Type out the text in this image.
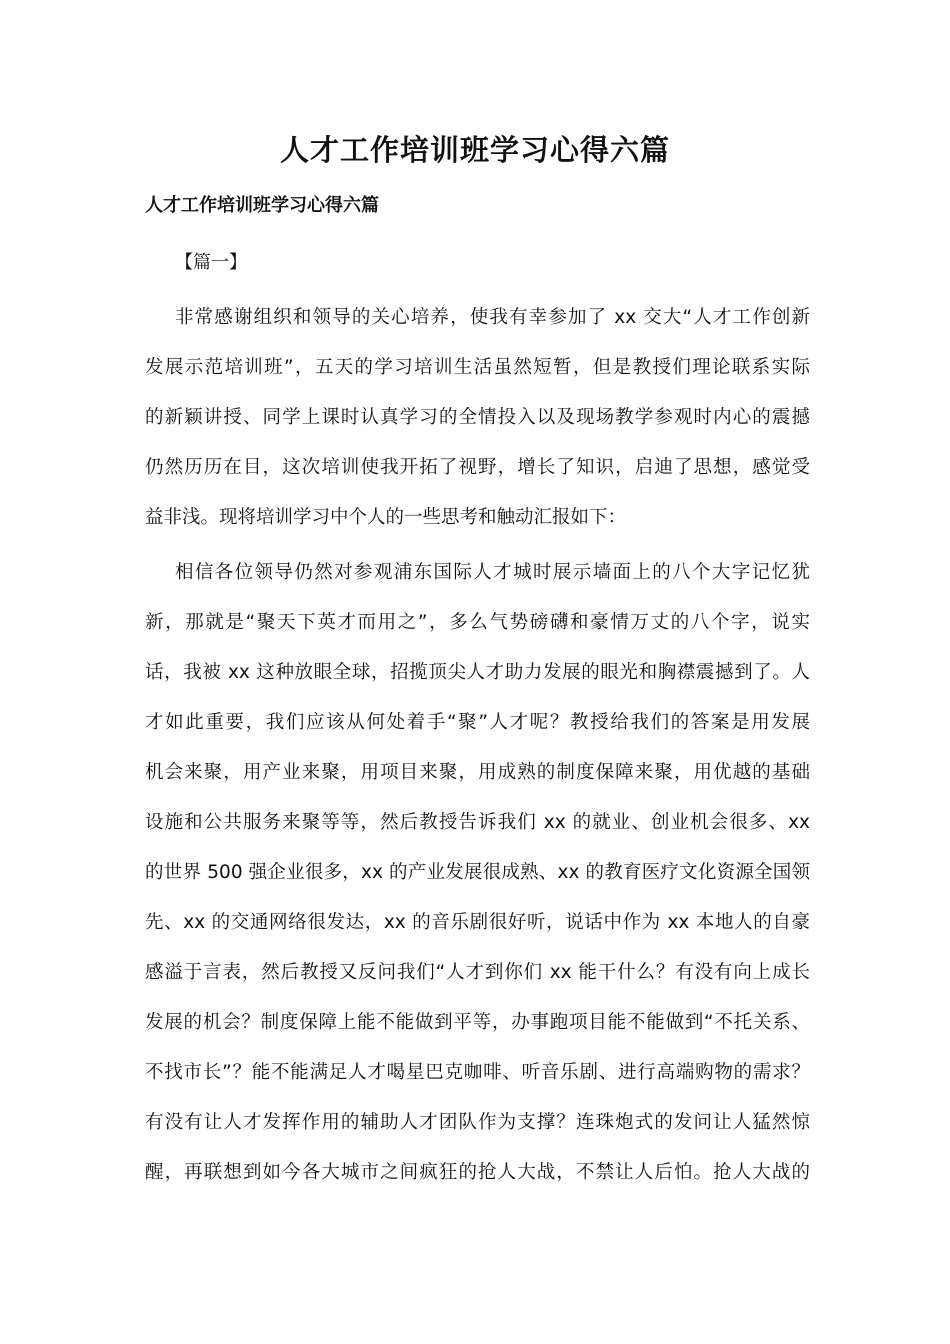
人才工作培训班学习心得六篇
人才工作培训班学习心得六篇
【篇一】
非常感谢组织和领导的关心培养，使我有幸参加了 xx 交大“人才工作创新
发展示范培训班”，五天的学习培训生活虽然短暂，但是教授们理论联系实际
的新颖讲授、同学上课时认真学习的全情投入以及现场教学参观时内心的震撼
仍然历历在目，这次培训使我开拓了视野，增长了知识，启迪了思想，感觉受
益非浅。现将培训学习中个人的一些思考和触动汇报如下：
相信各位领导仍然对参观浦东国际人才城时展示墙面上的八个大字记忆犹
新，那就是“聚天下英才而用之”，多么气势磅礴和豪情万丈的八个字，说实
话，我被 xx 这种放眼全球，招揽顶尖人才助力发展的眼光和胸襟震撼到了。人
才如此重要，我们应该从何处着手“聚”人才呢？教授给我们的答案是用发展
机会来聚，用产业来聚，用项目来聚，用成熟的制度保障来聚，用优越的基础
设施和公共服务来聚等等，然后教授告诉我们 xx 的就业、创业机会很多、xx
的世界 500 强企业很多，xx 的产业发展很成熟、xx 的教育医疗文化资源全国领
先、xx 的交通网络很发达，xx 的音乐剧很好听，说话中作为 xx 本地人的自豪
感溢于言表，然后教授又反问我们“人才到你们 xx 能干什么？有没有向上成长
发展的机会？制度保障上能不能做到平等，办事跑项目能不能做到“不托关系、
不找市长”？能不能满足人才喝星巴克咖啡、听音乐剧、进行高端购物的需求？
有没有让人才发挥作用的辅助人才团队作为支撑？连珠炮式的发问让人猛然惊
醒，再联想到如今各大城市之间疯狂的抢人大战，不禁让人后怕。抢人大战的
